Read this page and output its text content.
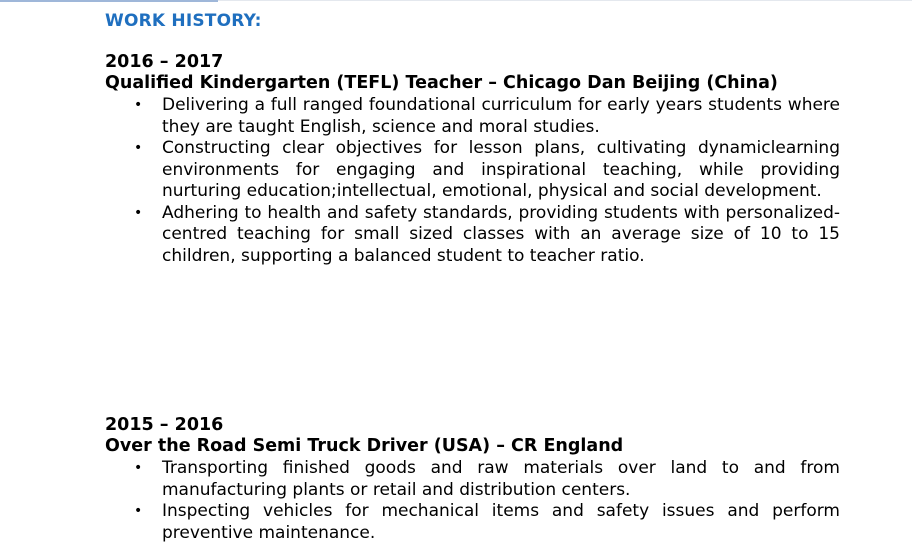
WORK HISTORY:
2016 – 2017
Qualified Kindergarten (TEFL) Teacher – Chicago Dan Beijing (China)
• Delivering a full ranged foundational curriculum for early years students where they are taught English, science and moral studies.
• Constructing clear objectives for lesson plans, cultivating dynamiclearning environments for engaging and inspirational teaching, while providing nurturing education;intellectual, emotional, physical and social development.
• Adhering to health and safety standards, providing students with personalized-centred teaching for small sized classes with an average size of 10 to 15 children, supporting a balanced student to teacher ratio.
2015 – 2016
Over the Road Semi Truck Driver (USA) – CR England
• Transporting finished goods and raw materials over land to and from manufacturing plants or retail and distribution centers.
• Inspecting vehicles for mechanical items and safety issues and perform preventive maintenance.
